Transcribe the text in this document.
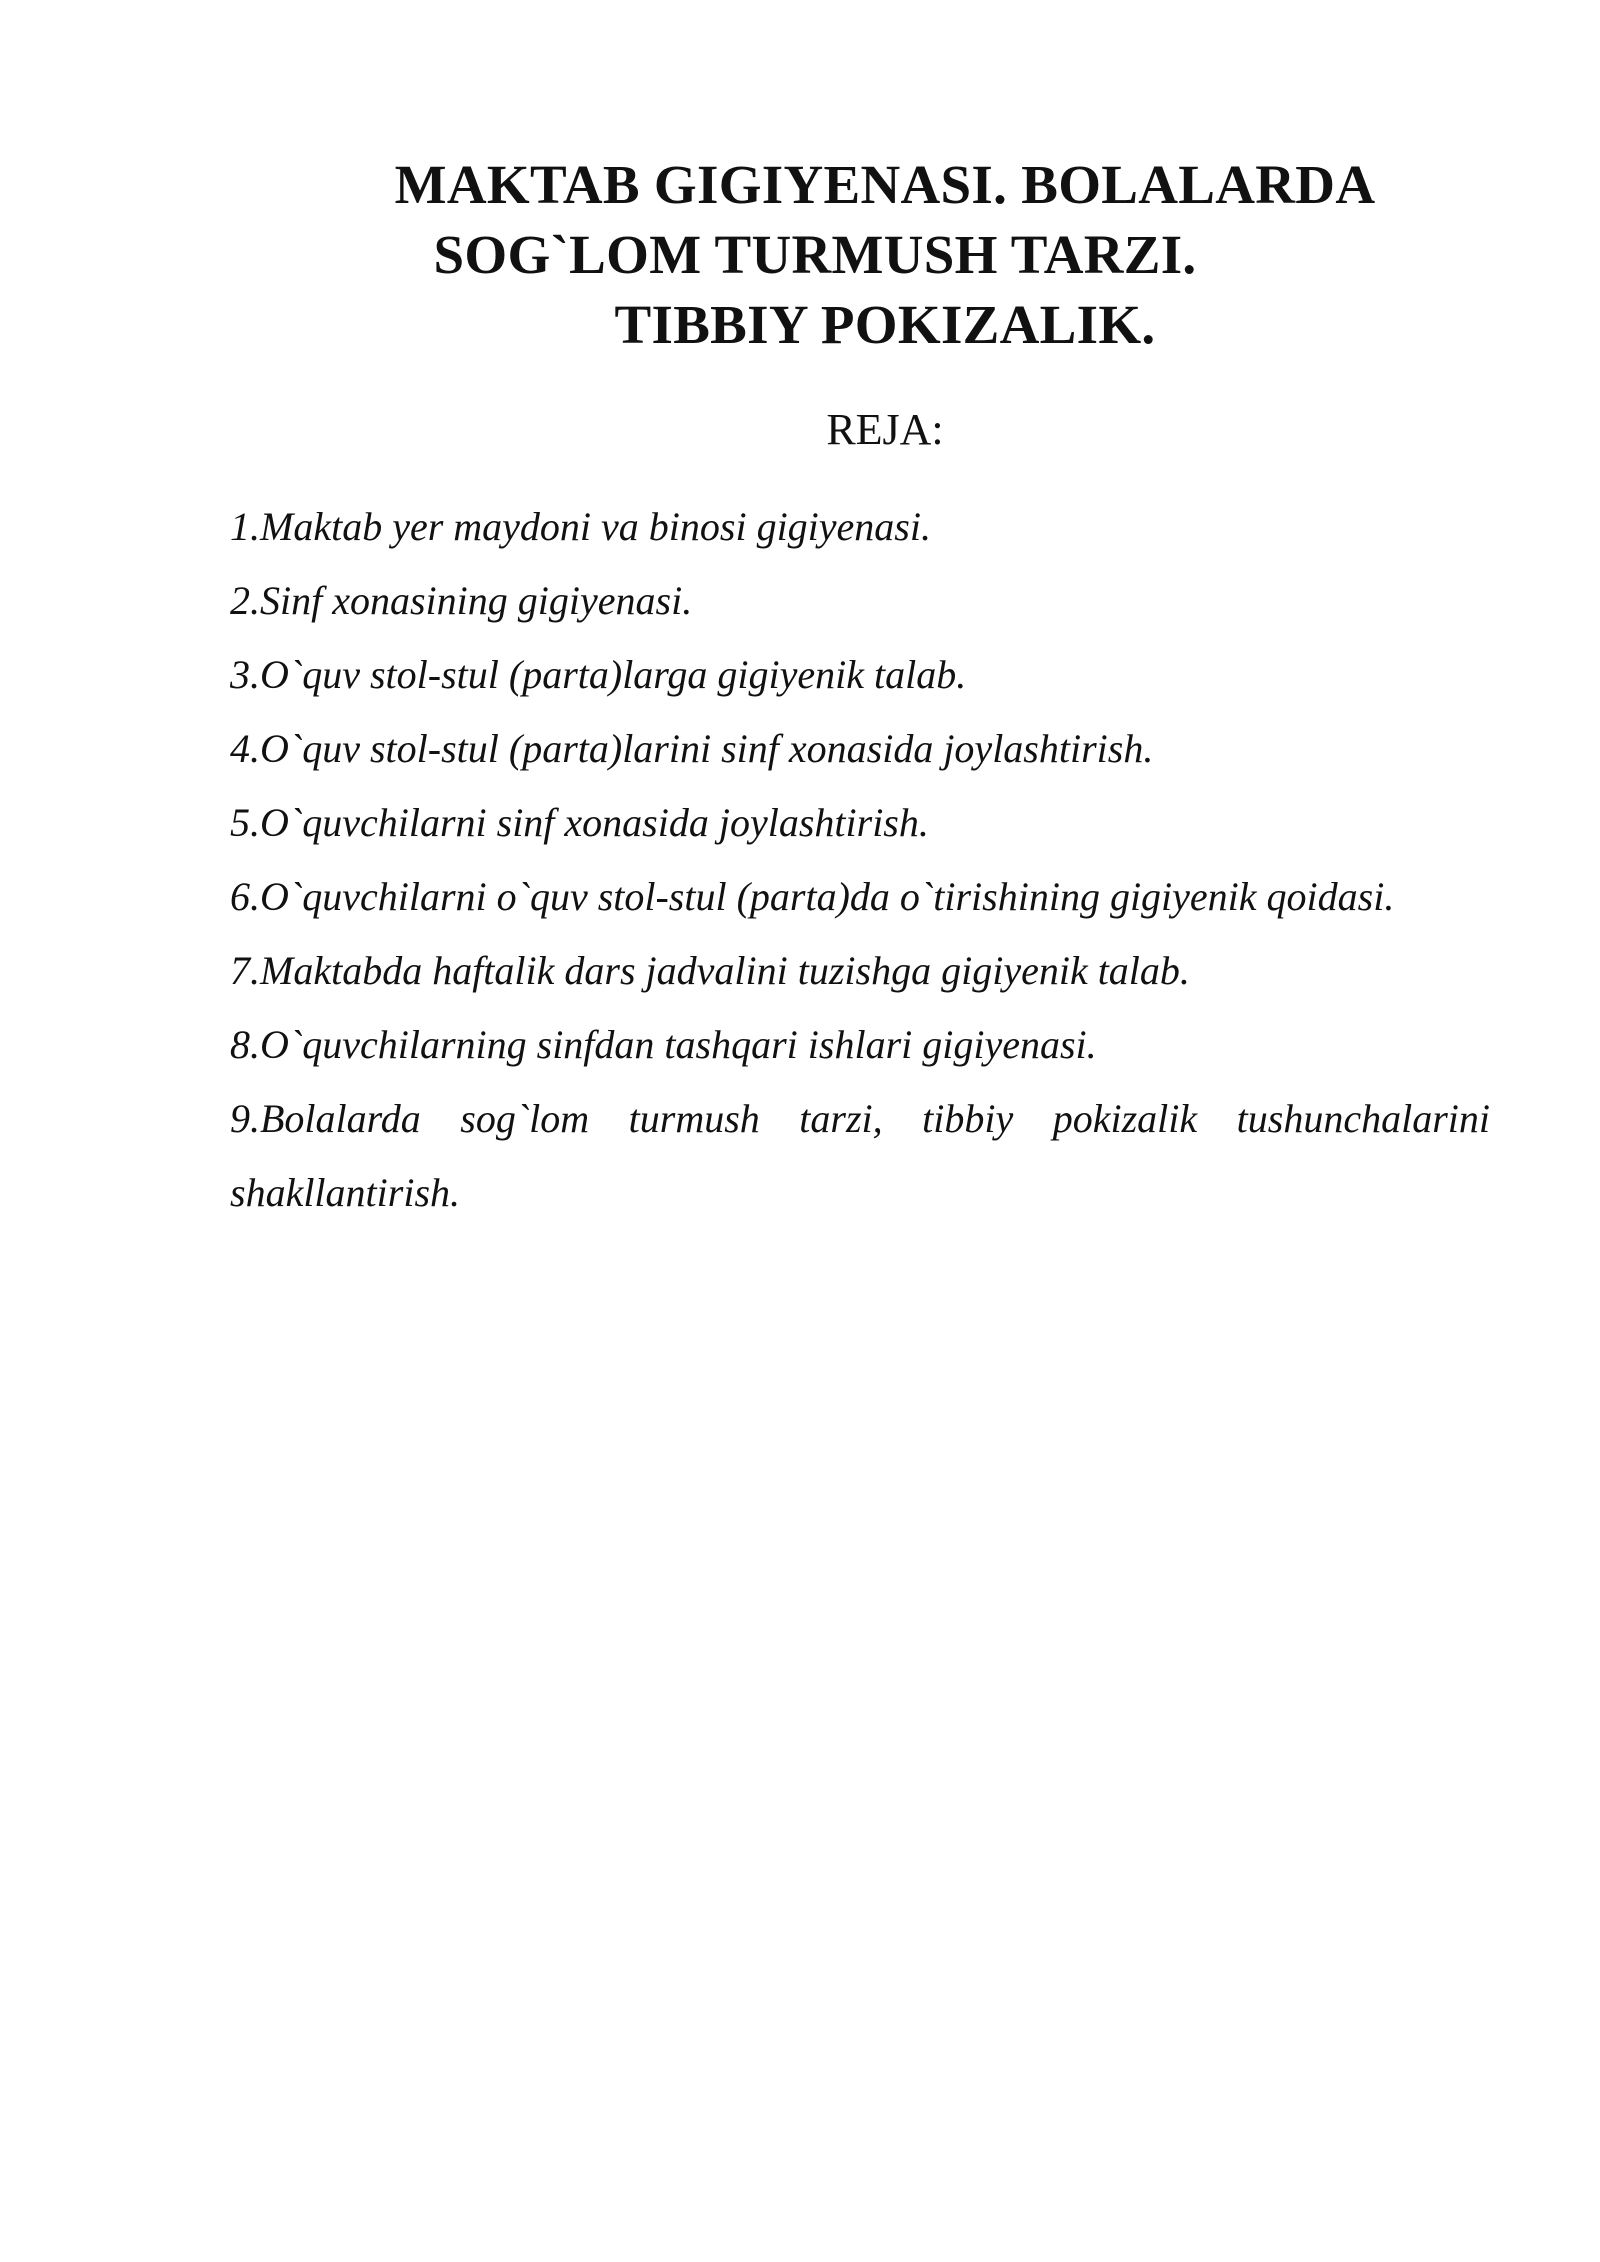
MAKTAB GIGIYENASI. BOLALARDA
SOG`LOM TURMUSH TARZI.
TIBBIY POKIZALIK.
REJA:
1.Maktab yer maydoni va binosi gigiyenasi.
2.Sinf xonasining gigiyenasi.
3.O`quv stol-stul (parta)larga gigiyenik talab.
4.O`quv stol-stul (parta)larini sinf xonasida joylashtirish.
5.O`quvchilarni sinf xonasida joylashtirish.
6.O`quvchilarni o`quv stol-stul (parta)da o`tirishining gigiyenik qoidasi.
7.Maktabda haftalik dars jadvalini tuzishga gigiyenik talab.
8.O`quvchilarning sinfdan tashqari ishlari gigiyenasi.
9.Bolalarda sog`lom turmush tarzi, tibbiy pokizalik tushunchalarini shakllantirish.
